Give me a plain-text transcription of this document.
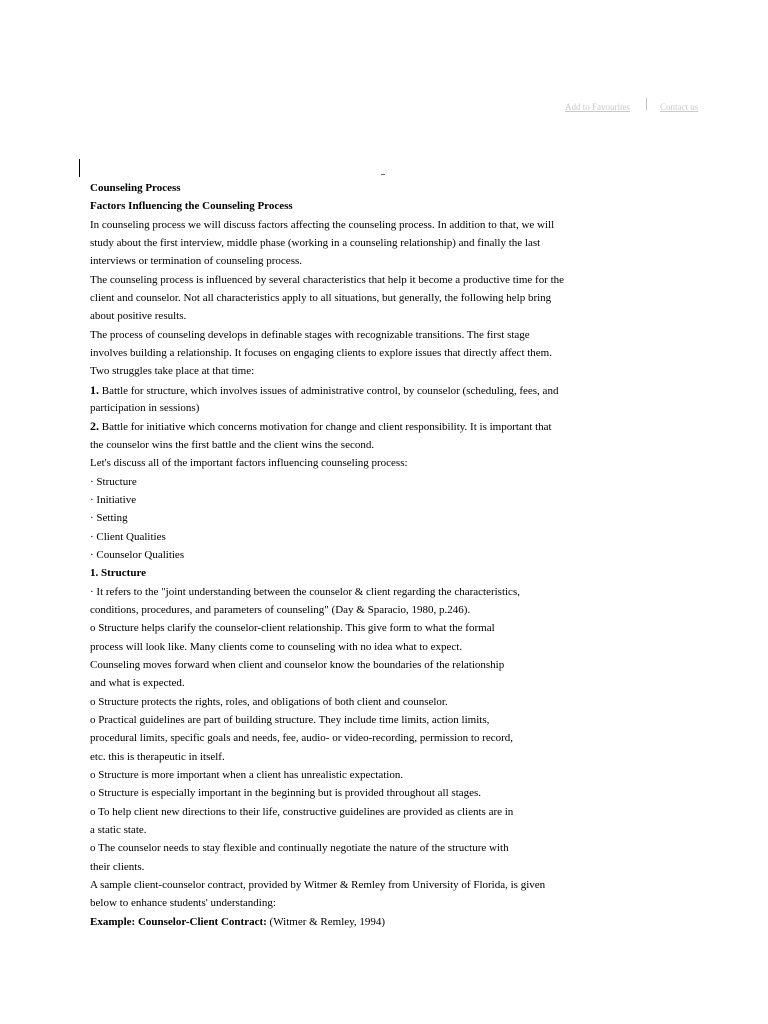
Add to Favourites	Contact us
Counseling Process
Factors Influencing the Counseling Process
In counseling process we will discuss factors affecting the counseling process. In addition to that, we will
study about the first interview, middle phase (working in a counseling relationship) and finally the last
interviews or termination of counseling process.
The counseling process is influenced by several characteristics that help it become a productive time for the
client and counselor. Not all characteristics apply to all situations, but generally, the following help bring
about positive results.
The process of counseling develops in definable stages with recognizable transitions. The first stage
involves building a relationship. It focuses on engaging clients to explore issues that directly affect them.
Two struggles take place at that time:
1. Battle for structure, which involves issues of administrative control, by counselor (scheduling, fees, and
participation in sessions)
2. Battle for initiative which concerns motivation for change and client responsibility. It is important that
the counselor wins the first battle and the client wins the second.
Let's discuss all of the important factors influencing counseling process:
· Structure
· Initiative
· Setting
· Client Qualities
· Counselor Qualities
1. Structure
· It refers to the "joint understanding between the counselor & client regarding the characteristics,
conditions, procedures, and parameters of counseling" (Day & Sparacio, 1980, p.246).
o Structure helps clarify the counselor-client relationship. This give form to what the formal
process will look like. Many clients come to counseling with no idea what to expect.
Counseling moves forward when client and counselor know the boundaries of the relationship
and what is expected.
o Structure protects the rights, roles, and obligations of both client and counselor.
o Practical guidelines are part of building structure. They include time limits, action limits,
procedural limits, specific goals and needs, fee, audio- or video-recording, permission to record,
etc. this is therapeutic in itself.
o Structure is more important when a client has unrealistic expectation.
o Structure is especially important in the beginning but is provided throughout all stages.
o To help client new directions to their life, constructive guidelines are provided as clients are in
a static state.
o The counselor needs to stay flexible and continually negotiate the nature of the structure with
their clients.
A sample client-counselor contract, provided by Witmer & Remley from University of Florida, is given
below to enhance students' understanding:
Example: Counselor-Client Contract: (Witmer & Remley, 1994)
